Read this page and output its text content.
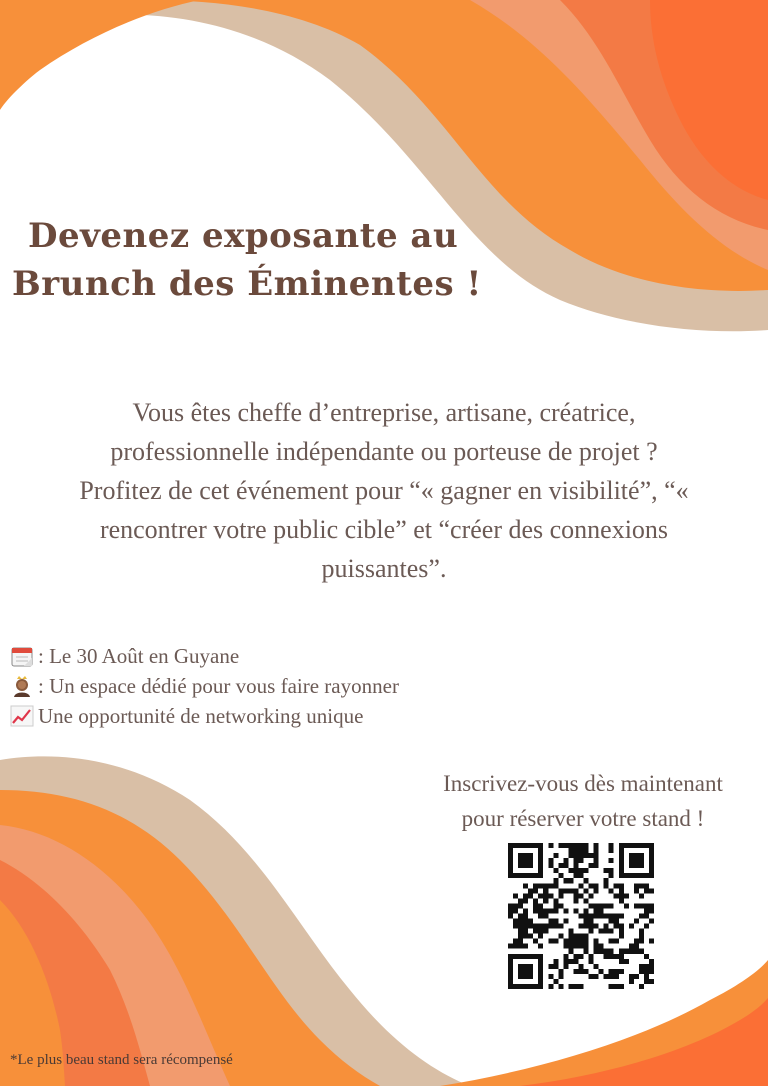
Devenez exposante au
Brunch des Éminentes !
Vous êtes cheffe d’entreprise, artisane, créatrice,
professionnelle indépendante ou porteuse de projet ?
Profitez de cet événement pour “« gagner en visibilité”, “«
rencontrer votre public cible” et “créer des connexions
puissantes”.
: Le 30 Août en Guyane
: Un espace dédié pour vous faire rayonner
Une opportunité de networking unique
Inscrivez-vous dès maintenant
pour réserver votre stand !
*Le plus beau stand sera récompensé
